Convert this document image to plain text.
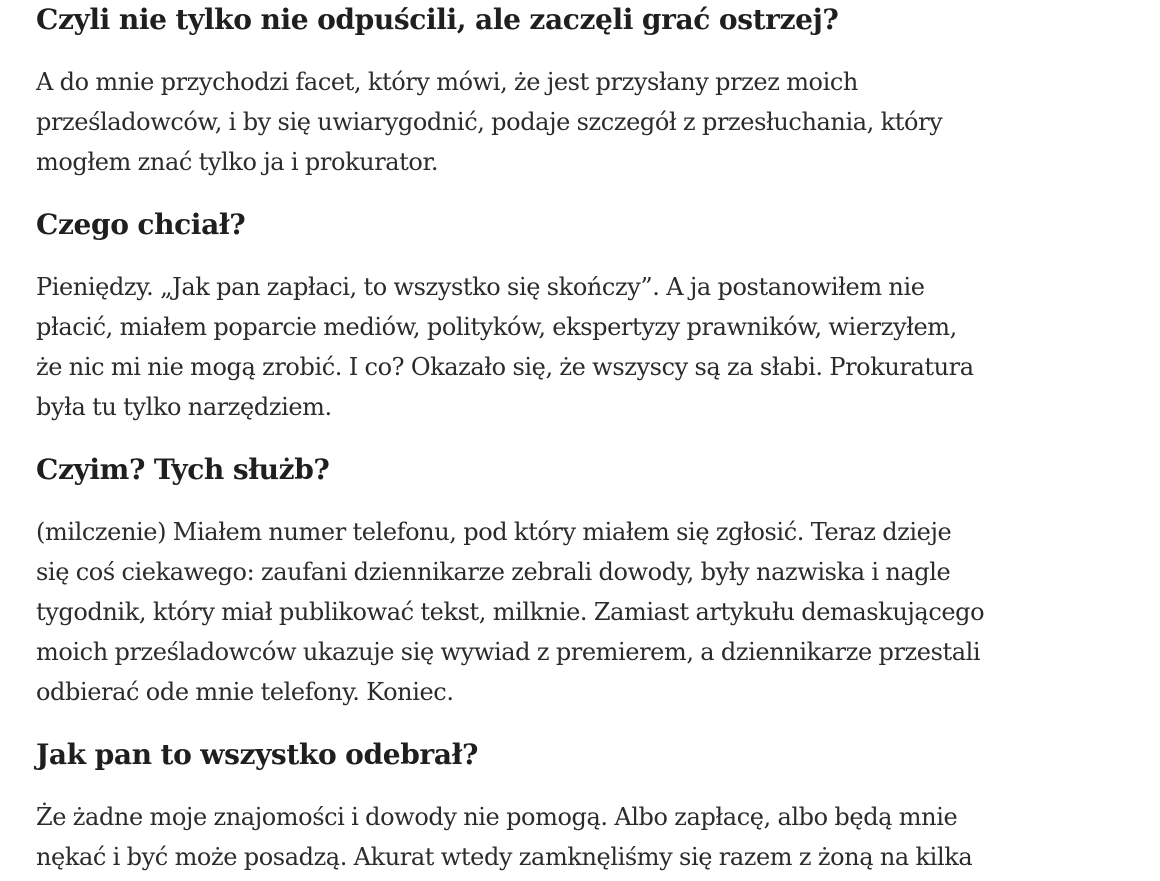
Czyli nie tylko nie odpuścili, ale zaczęli grać ostrzej?

A do mnie przychodzi facet, który mówi, że jest przysłany przez moich
prześladowców, i by się uwiarygodnić, podaje szczegół z przesłuchania, który
mogłem znać tylko ja i prokurator.

Czego chciał?

Pieniędzy. „Jak pan zapłaci, to wszystko się skończy”. A ja postanowiłem nie
płacić, miałem poparcie mediów, polityków, ekspertyzy prawników, wierzyłem,
że nic mi nie mogą zrobić. I co? Okazało się, że wszyscy są za słabi. Prokuratura
była tu tylko narzędziem.

Czyim? Tych służb?

(milczenie) Miałem numer telefonu, pod który miałem się zgłosić. Teraz dzieje
się coś ciekawego: zaufani dziennikarze zebrali dowody, były nazwiska i nagle
tygodnik, który miał publikować tekst, milknie. Zamiast artykułu demaskującego
moich prześladowców ukazuje się wywiad z premierem, a dziennikarze przestali
odbierać ode mnie telefony. Koniec.

Jak pan to wszystko odebrał?

Że żadne moje znajomości i dowody nie pomogą. Albo zapłacę, albo będą mnie
nękać i być może posadzą. Akurat wtedy zamknęliśmy się razem z żoną na kilka
